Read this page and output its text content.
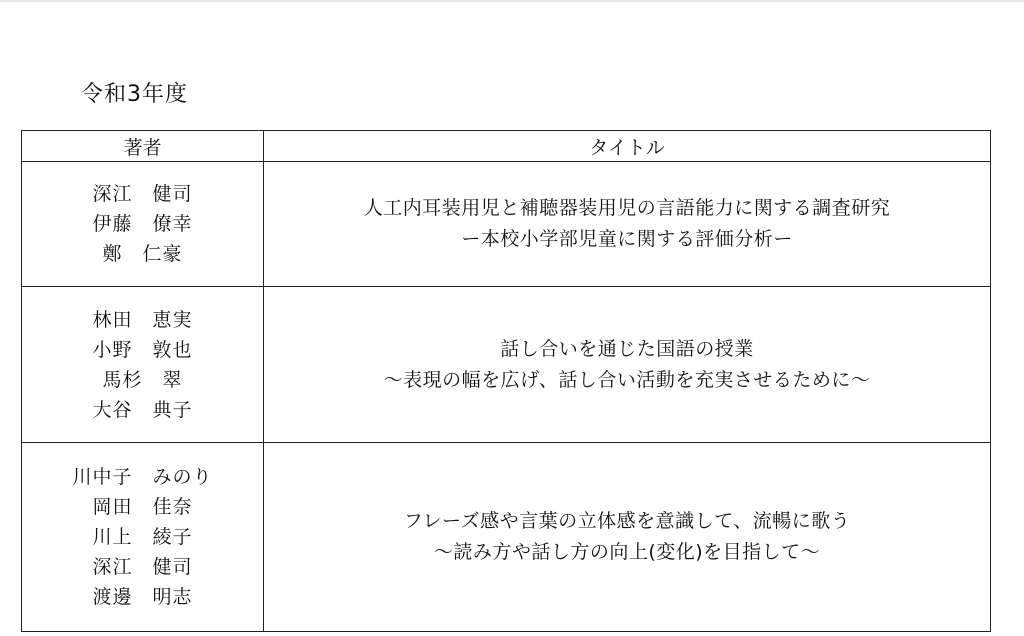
令和3年度
著者	タイトル

深江　健司
伊藤　僚幸
鄭　仁豪	人工内耳装用児と補聴器装用児の言語能力に関する調査研究
ー本校小学部児童に関する評価分析ー

林田　恵実
小野　敦也
馬杉　翠
大谷　典子	話し合いを通じた国語の授業
～表現の幅を広げ、話し合い活動を充実させるために～

川中子　みのり
岡田　佳奈
川上　綾子
深江　健司
渡邊　明志	フレーズ感や言葉の立体感を意識して、流暢に歌う
～読み方や話し方の向上(変化)を目指して～
